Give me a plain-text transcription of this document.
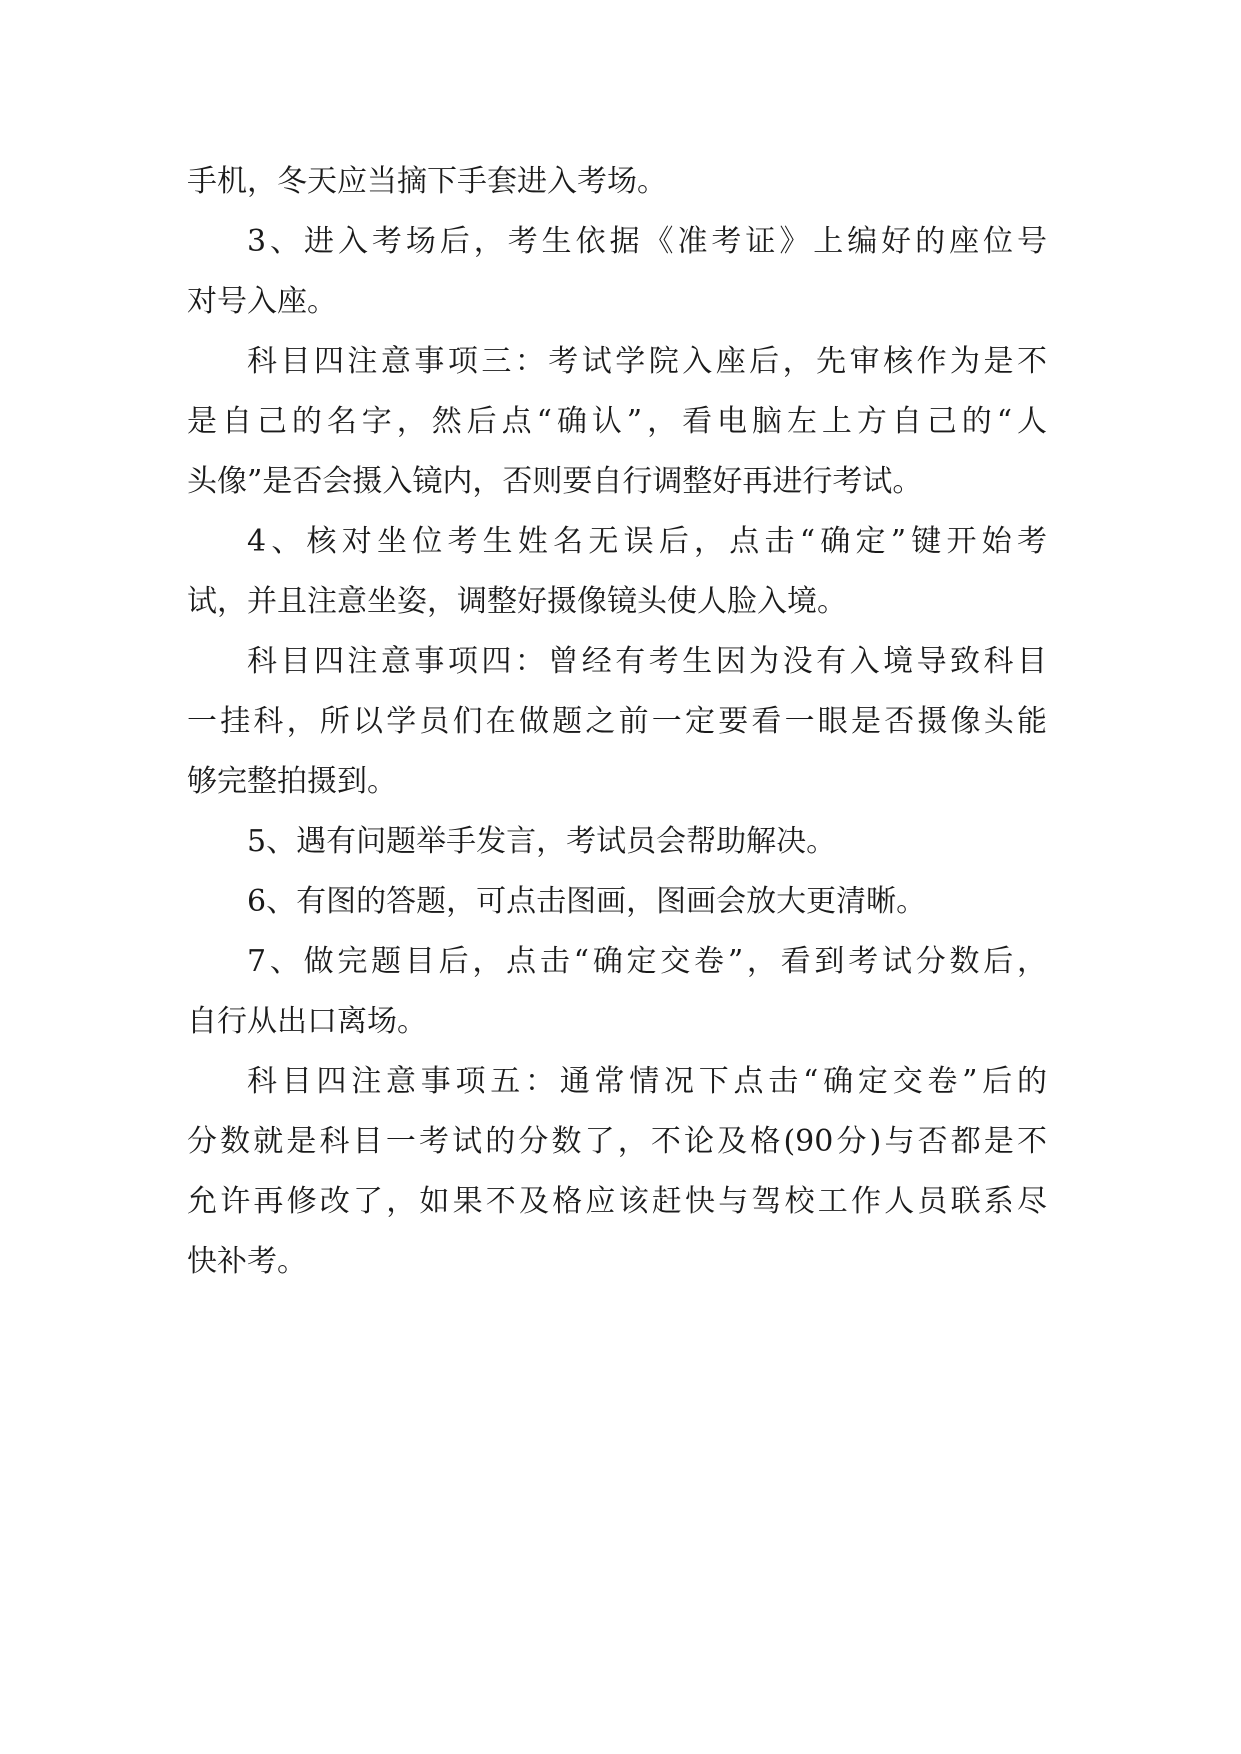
手机，冬天应当摘下手套进入考场。
3、进入考场后，考生依据《准考证》上编好的座位号
对号入座。
科目四注意事项三：考试学院入座后，先审核作为是不
是自己的名字，然后点“确认”，看电脑左上方自己的“人
头像”是否会摄入镜内，否则要自行调整好再进行考试。
4、核对坐位考生姓名无误后，点击“确定”键开始考
试，并且注意坐姿，调整好摄像镜头使人脸入境。
科目四注意事项四：曾经有考生因为没有入境导致科目
一挂科，所以学员们在做题之前一定要看一眼是否摄像头能
够完整拍摄到。
5、遇有问题举手发言，考试员会帮助解决。
6、有图的答题，可点击图画，图画会放大更清晰。
7、做完题目后，点击“确定交卷”，看到考试分数后，
自行从出口离场。
科目四注意事项五：通常情况下点击“确定交卷”后的
分数就是科目一考试的分数了，不论及格(90分)与否都是不
允许再修改了，如果不及格应该赶快与驾校工作人员联系尽
快补考。
